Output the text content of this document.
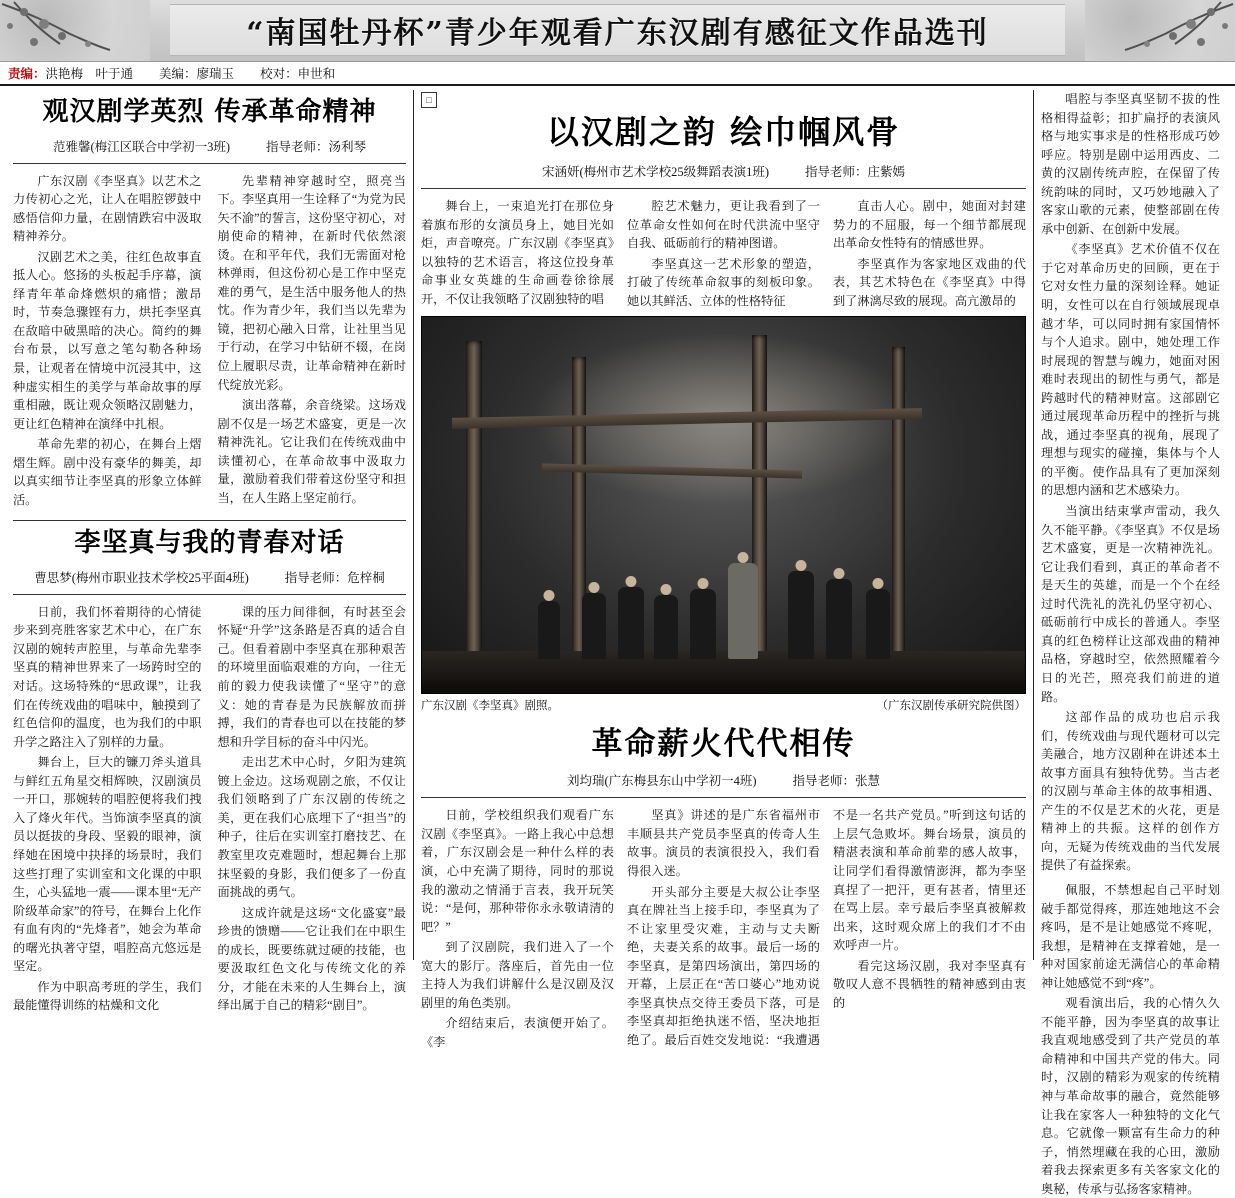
“南国牡丹杯”青少年观看广东汉剧有感征文作品选刊
责编：洪艳梅　叶于通 美编：廖瑞玉 校对：申世和
观汉剧学英烈 传承革命精神
范雅馨(梅江区联合中学初一3班)	指导老师：汤利琴

广东汉剧《李坚真》以艺术之力传初心之光，让人在唱腔锣鼓中感悟信仰力量，在剧情跌宕中汲取精神养分。

汉剧艺术之美，往红色故事直抵人心。悠扬的头板起手序幕，演绎青年革命烽燃炽的痛惜；激昂时，节奏急骤铿有力，烘托李坚真在敌暗中破黑暗的决心。简约的舞台布景，以写意之笔勾勒各种场景，让观者在情境中沉浸其中，这种虚实相生的美学与革命故事的厚重相融，既让观众领略汉剧魅力，更让红色精神在演绎中扎根。

革命先辈的初心，在舞台上熠熠生辉。剧中没有豪华的舞美，却以真实细节让李坚真的形象立体鲜活。

先辈精神穿越时空，照亮当下。李坚真用一生诠释了“为党为民矢不渝”的誓言，这份坚守初心，对崩使命的精神，在新时代依然滚烫。在和平年代，我们无需面对枪林弹雨，但这份初心是工作中坚克难的勇气，是生活中服务他人的热忱。作为青少年，我们当以先辈为镜，把初心融入日常，让社里当见于行动，在学习中钻研不辍，在岗位上履职尽责，让革命精神在新时代绽放光彩。

演出落幕，余音绕梁。这场戏剧不仅是一场艺术盛宴，更是一次精神洗礼。它让我们在传统戏曲中读懂初心，在革命故事中汲取力量，激励着我们带着这份坚守和担当，在人生路上坚定前行。

李坚真与我的青春对话
曹思梦(梅州市职业技术学校25平面4班)	指导老师：危梓桐

日前，我们怀着期待的心情徒步来到亮胜客家艺术中心，在广东汉剧的婉转声腔里，与革命先辈李坚真的精神世界来了一场跨时空的对话。这场特殊的“思政课”，让我们在传统戏曲的唱味中，触摸到了红色信仰的温度，也为我们的中职升学之路注入了别样的力量。

舞台上，巨大的镰刀斧头道具与鲜红五角星交相辉映，汉剧演员一开口，那婉转的唱腔便将我们拽入了烽火年代。当饰演李坚真的演员以挺拔的身段、坚毅的眼神，演绎她在困境中抉择的场景时，我们这些打理了实训室和文化课的中职生，心头猛地一震——课本里“无产阶级革命家”的符号，在舞台上化作有血有肉的“先烽者”，她会为革命的曙光执著守望，唱腔高亢悠远是坚定。

作为中职高考班的学生，我们最能懂得训练的枯燥和文化

课的压力间徘徊，有时甚至会怀疑“升学”这条路是否真的适合自己。但看着剧中李坚真在那种艰苦的环境里面临艰难的方向，一往无前的毅力使我读懂了“坚守”的意义：她的青春是为民族解放而拼搏，我们的青春也可以在技能的梦想和升学目标的奋斗中闪光。

走出艺术中心时，夕阳为建筑镀上金边。这场观剧之旅，不仅让我们领略到了广东汉剧的传统之美，更在我们心底埋下了“担当”的种子，往后在实训室打磨技艺、在教室里攻克难题时，想起舞台上那抹坚毅的身影，我们便多了一份直面挑战的勇气。

这成许就是这场“文化盛宴”最珍贵的馈赠——它让我们在中职生的成长，既要练就过硬的技能，也要汲取红色文化与传统文化的养分，才能在未来的人生舞台上，演绎出属于自己的精彩“剧目”。

□
以汉剧之韵 绘巾帼风骨
宋涵妍(梅州市艺术学校25级舞蹈表演1班)	指导老师：庄紫嫣

舞台上，一束追光打在那位身着旗布形的女演员身上，她目光如炬，声音嘹亮。广东汉剧《李坚真》以独特的艺术语言，将这位投身革命事业女英雄的生命画卷徐徐展开，不仅让我领略了汉剧独特的唱

腔艺术魅力，更让我看到了一位革命女性如何在时代洪流中坚守自我、砥砺前行的精神图谱。

李坚真这一艺术形象的塑造，打破了传统革命叙事的刻板印象。她以其鲜活、立体的性格特征

直击人心。剧中，她面对封建势力的不屈服，每一个细节都展现出革命女性特有的情感世界。

李坚真作为客家地区戏曲的代表，其艺术特色在《李坚真》中得到了淋漓尽致的展现。高亢激昂的

广东汉剧《李坚真》剧照。	（广东汉剧传承研究院供图）
革命薪火代代相传
刘均瑞(广东梅县东山中学初一4班)	指导老师：张慧

日前，学校组织我们观看广东汉剧《李坚真》。一路上我心中总想着，广东汉剧会是一种什么样的表演，心中充满了期待，同时的那说我的激动之情涌于言表，我开玩笑说：“是何，那种带你永永敬请清的吧？”

到了汉剧院，我们进入了一个宽大的影厅。落座后，首先由一位主持人为我们讲解什么是汉剧及汉剧里的角色类别。

介绍结束后，表演便开始了。《李

坚真》讲述的是广东省福州市丰顺县共产党员李坚真的传奇人生故事。演员的表演很投入，我们看得很入迷。

开头部分主要是大叔公让李坚真在牌社当上接手印，李坚真为了不让家里受灾难，主动与丈夫断绝，夫妻关系的故事。最后一场的李坚真，是第四场演出，第四场的开幕，上层正在“苦口婆心”地劝说李坚真快点交待王委员下落，可是李坚真却拒绝执迷不悟，坚决地拒绝了。最后百姓交发地说：“我遭遇不是一名共产党员。”听到这句话的上层气急败坏。舞台场景，演员的精湛表演和革命前辈的感人故事，让同学们看得激情澎湃，都为李坚真捏了一把汗，更有甚者，情里还在骂上层。幸亏最后李坚真被解救出来，这时观众席上的我们才不由欢呼声一片。

看完这场汉剧，我对李坚真有敬叹人意不畏牺牲的精神感到由衷的

唱腔与李坚真坚韧不拔的性格相得益彰；扣扩扁抒的表演风格与地实事求是的性格形成巧妙呼应。特别是剧中运用西皮、二黄的汉剧传统声腔，在保留了传统韵味的同时，又巧妙地融入了客家山歌的元素，使整部剧在传承中创新、在创新中发展。

《李坚真》艺术价值不仅在于它对革命历史的回顾，更在于它对女性力量的深刻诠释。她证明，女性可以在自行领域展现卓越才华，可以同时拥有家国情怀与个人追求。剧中，她处理工作时展现的智慧与魄力，她面对困难时表现出的韧性与勇气，都是跨越时代的精神财富。这部剧它通过展现革命历程中的挫折与挑战，通过李坚真的视角，展现了理想与现实的碰撞，集体与个人的平衡。使作品具有了更加深刻的思想内涵和艺术感染力。

当演出结束掌声雷动，我久久不能平静。《李坚真》不仅是场艺术盛宴，更是一次精神洗礼。它让我们看到，真正的革命者不是天生的英雄，而是一个个在经过时代洗礼的洗礼仍坚守初心、砥砺前行中成长的普通人。李坚真的红色榜样让这部戏曲的精神品格，穿越时空，依然照耀着今日的光芒，照亮我们前进的道路。

这部作品的成功也启示我们，传统戏曲与现代题材可以完美融合，地方汉剧种在讲述本土故事方面具有独特优势。当古老的汉剧与革命主体的故事相遇、产生的不仅是艺术的火花，更是精神上的共振。这样的创作方向，无疑为传统戏曲的当代发展提供了有益探索。

佩服，不禁想起自己平时划破手都觉得疼，那连她地这不会疼吗，是不是让她感觉不疼呢，我想，是精神在支撑着她，是一种对国家前途无满信心的革命精神让她感觉不到“疼”。

观看演出后，我的心情久久不能平静，因为李坚真的故事让我直观地感受到了共产党员的革命精神和中国共产党的伟大。同时，汉剧的精彩为观家的传统精神与革命故事的融合，竟然能够让我在家客人一种独特的文化气息。它就像一颗富有生命力的种子，悄然埋藏在我的心田，激励着我去探索更多有关客家文化的奥秘，传承与弘扬客家精神。
